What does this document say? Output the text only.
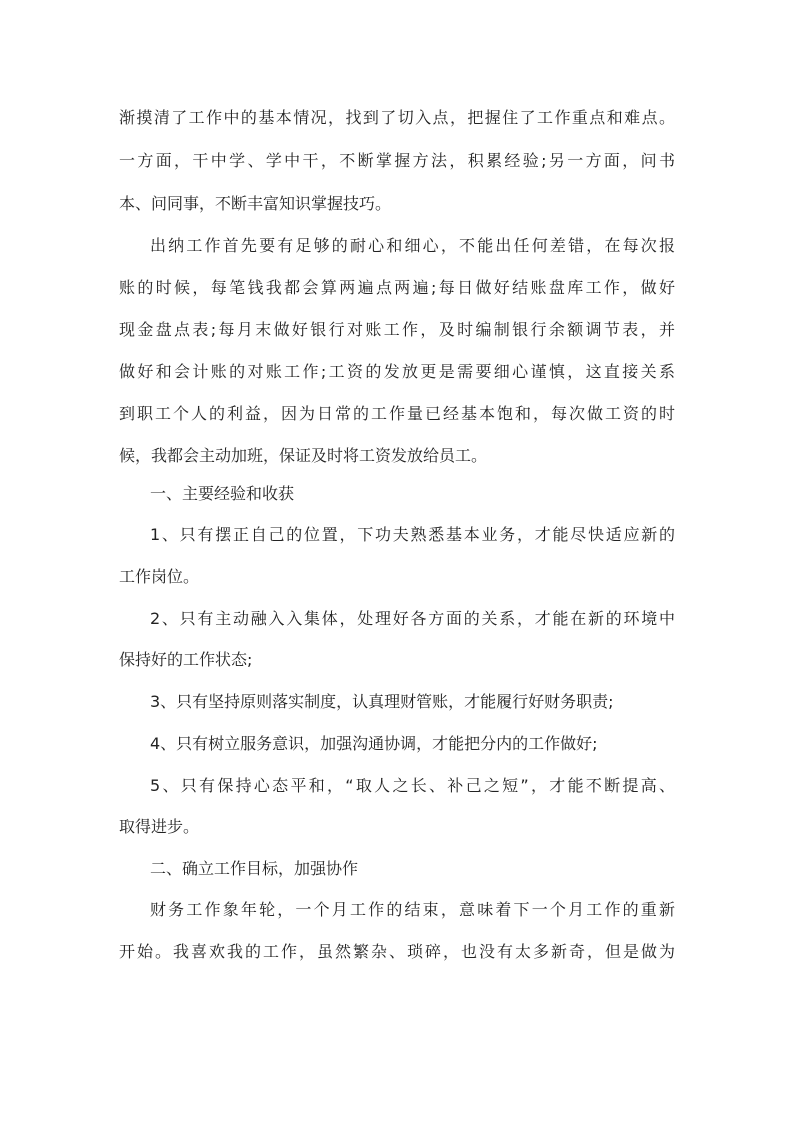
渐摸清了工作中的基本情况，找到了切入点，把握住了工作重点和难点。
一方面，干中学、学中干，不断掌握方法，积累经验;另一方面，问书
本、问同事，不断丰富知识掌握技巧。
出纳工作首先要有足够的耐心和细心，不能出任何差错，在每次报
账的时候，每笔钱我都会算两遍点两遍;每日做好结账盘库工作，做好
现金盘点表;每月末做好银行对账工作，及时编制银行余额调节表，并
做好和会计账的对账工作;工资的发放更是需要细心谨慎，这直接关系
到职工个人的利益，因为日常的工作量已经基本饱和，每次做工资的时
候，我都会主动加班，保证及时将工资发放给员工。
一、主要经验和收获
1、只有摆正自己的位置，下功夫熟悉基本业务，才能尽快适应新的
工作岗位。
2、只有主动融入入集体，处理好各方面的关系，才能在新的环境中
保持好的工作状态;
3、只有坚持原则落实制度，认真理财管账，才能履行好财务职责;
4、只有树立服务意识，加强沟通协调，才能把分内的工作做好;
5、只有保持心态平和，“取人之长、补己之短”，才能不断提高、
取得进步。
二、确立工作目标，加强协作
财务工作象年轮，一个月工作的结束，意味着下一个月工作的重新
开始。我喜欢我的工作，虽然繁杂、琐碎，也没有太多新奇，但是做为
